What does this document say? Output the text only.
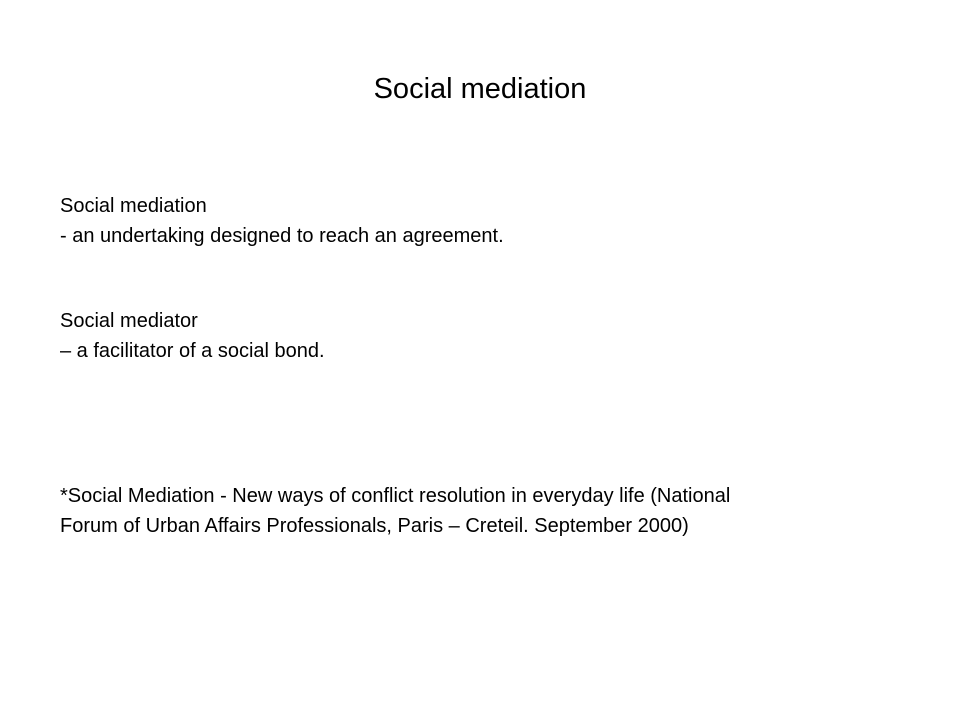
Social mediation
Social mediation
- an undertaking designed to reach an agreement.
Social mediator
– a facilitator of a social bond.
*Social Mediation - New ways of conflict resolution in everyday life (National
Forum of Urban Affairs Professionals, Paris – Creteil. September 2000)
